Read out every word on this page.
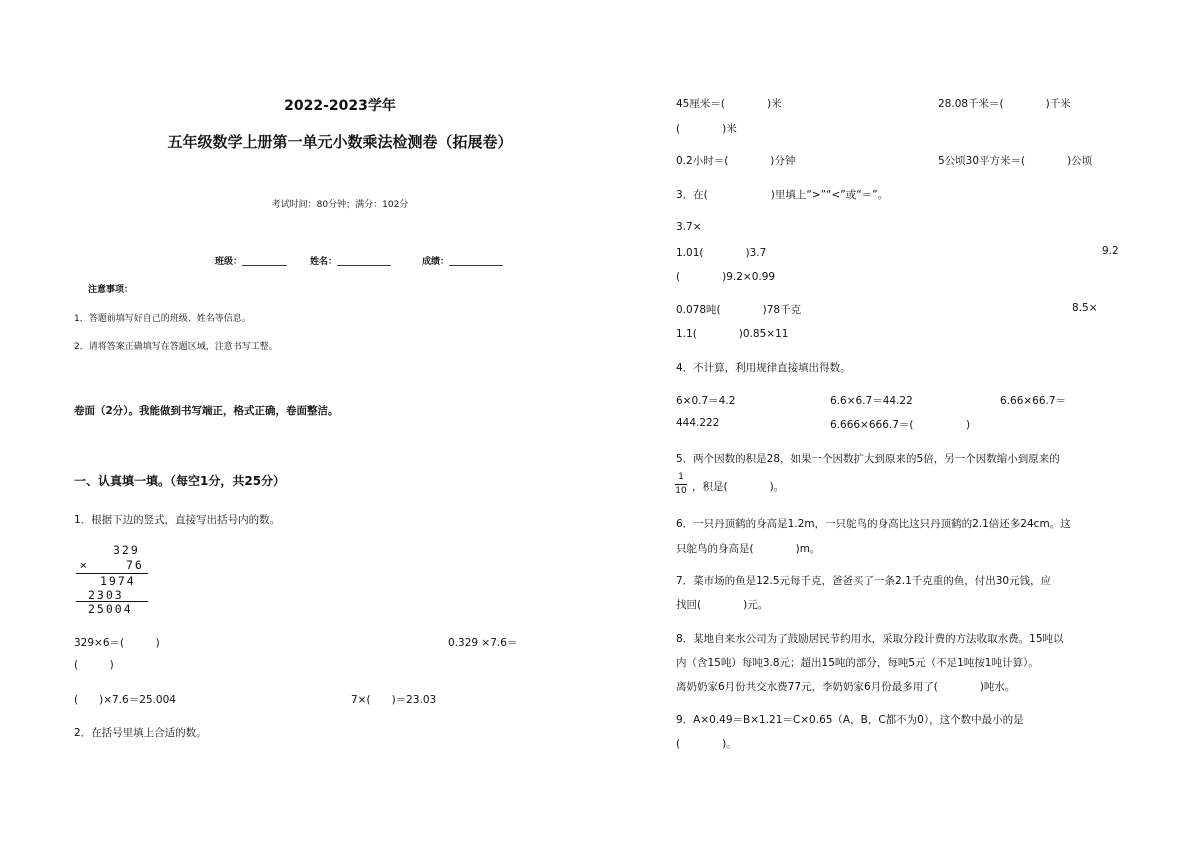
2022-2023学年
五年级数学上册第一单元小数乘法检测卷（拓展卷）
考试时间：80分钟；满分：102分
班级：__________	姓名：____________	成绩：____________
注意事项：
1．答题前填写好自己的班级、姓名等信息。
2．请将答案正确填写在答题区域，注意书写工整。
卷面（2分）。我能做到书写端正，格式正确，卷面整洁。
一、认真填一填。（每空1分，共25分）
1．根据下边的竖式，直接写出括号内的数。
329
×	76
1974
2303
25004
329×6＝(　　　)	0.329 ×7.6＝
(　　　)
(　　)×7.6＝25.004	7×(　　)＝23.03
2．在括号里填上合适的数。
45厘米＝(　　　　)米	28.08千米＝(　　　　)千米
(　　　　)米
0.2小时＝(　　　　)分钟	5公顷30平方米＝(　　　　)公顷
3．在(　　　　　　)里填上“>”“<”或“＝”。
3.7×
1.01(　　　　)3.7	9.2
(　　　　)9.2×0.99
0.078吨(　　　　)78千克	8.5×
1.1(　　　　)0.85×11
4．不计算，利用规律直接填出得数。
6×0.7＝4.2	6.6×6.7＝44.22	6.66×66.7＝
444.222	6.666×666.7＝(　　　　　)
5．两个因数的积是28，如果一个因数扩大到原来的5倍，另一个因数缩小到原来的
1
10 ，积是(　　　　)。
6．一只丹顶鹤的身高是1.2m，一只鸵鸟的身高比这只丹顶鹤的2.1倍还多24cm。这
只鸵鸟的身高是(　　　　)m。
7．菜市场的鱼是12.5元每千克，爸爸买了一条2.1千克重的鱼，付出30元钱，应
找回(　　　　)元。
8．某地自来水公司为了鼓励居民节约用水，采取分段计费的方法收取水费。15吨以
内（含15吨）每吨3.8元；超出15吨的部分，每吨5元（不足1吨按1吨计算）。
离奶奶家6月份共交水费77元，李奶奶家6月份最多用了(　　　　)吨水。
9．A×0.49＝B×1.21＝C×0.65（A，B，C都不为0），这个数中最小的是
(　　　　)。
